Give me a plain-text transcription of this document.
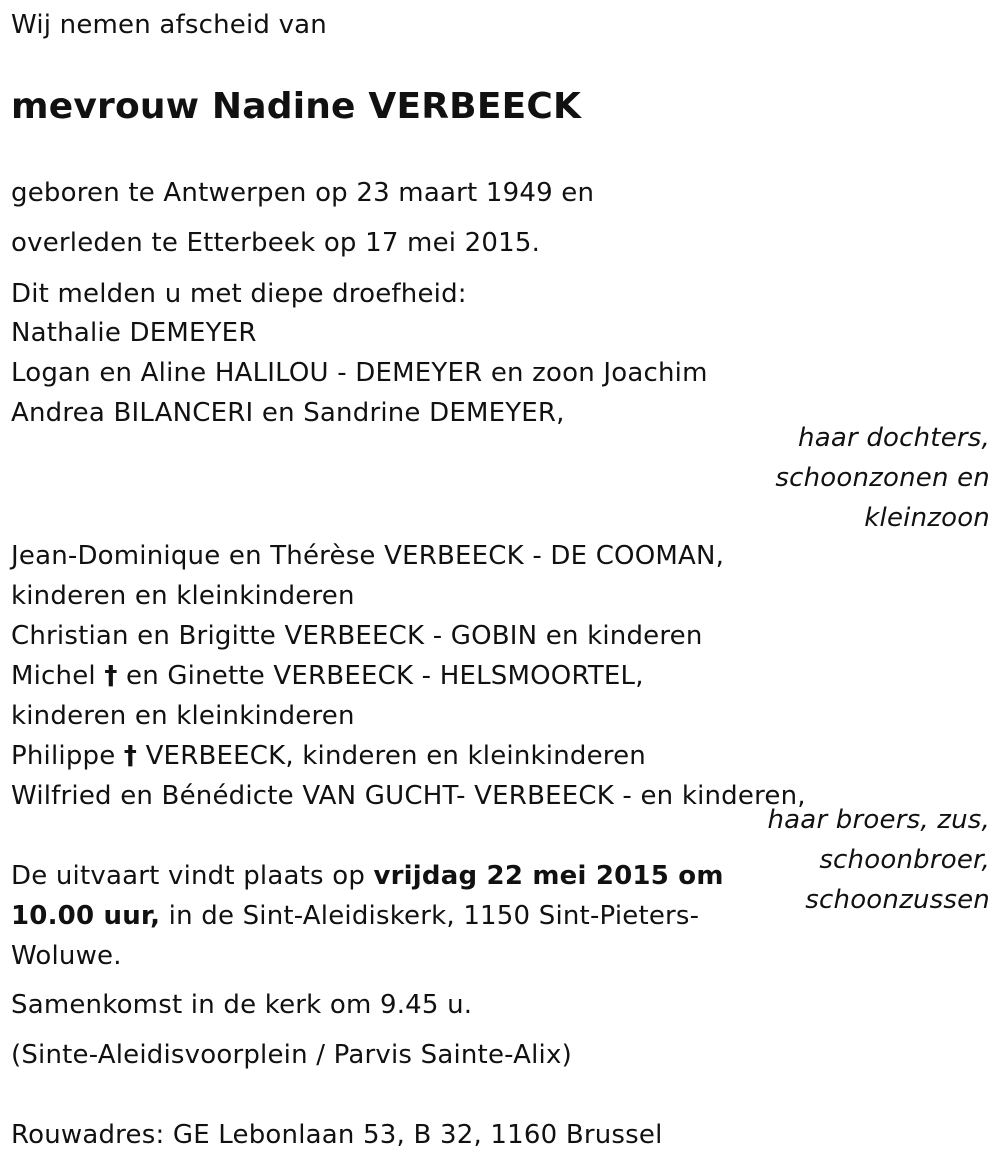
Wij nemen afscheid van
mevrouw Nadine VERBEECK
geboren te Antwerpen op 23 maart 1949 en
overleden te Etterbeek op 17 mei 2015.
Dit melden u met diepe droefheid:
Nathalie DEMEYER
Logan en Aline HALILOU - DEMEYER en zoon Joachim
Andrea BILANCERI en Sandrine DEMEYER,
haar dochters,
schoonzonen en
kleinzoon
Jean-Dominique en Thérèse VERBEECK - DE COOMAN,
kinderen en kleinkinderen
Christian en Brigitte VERBEECK - GOBIN en kinderen
Michel † en Ginette VERBEECK - HELSMOORTEL,
kinderen en kleinkinderen
Philippe † VERBEECK, kinderen en kleinkinderen
Wilfried en Bénédicte VAN GUCHT- VERBEECK - en kinderen,
haar broers, zus,
schoonbroer,
schoonzussen
De uitvaart vindt plaats op vrijdag 22 mei 2015 om
10.00 uur, in de Sint-Aleidiskerk, 1150 Sint-Pieters-
Woluwe.
Samenkomst in de kerk om 9.45 u.
(Sinte-Aleidisvoorplein / Parvis Sainte-Alix)
Rouwadres: GE Lebonlaan 53, B 32, 1160 Brussel
